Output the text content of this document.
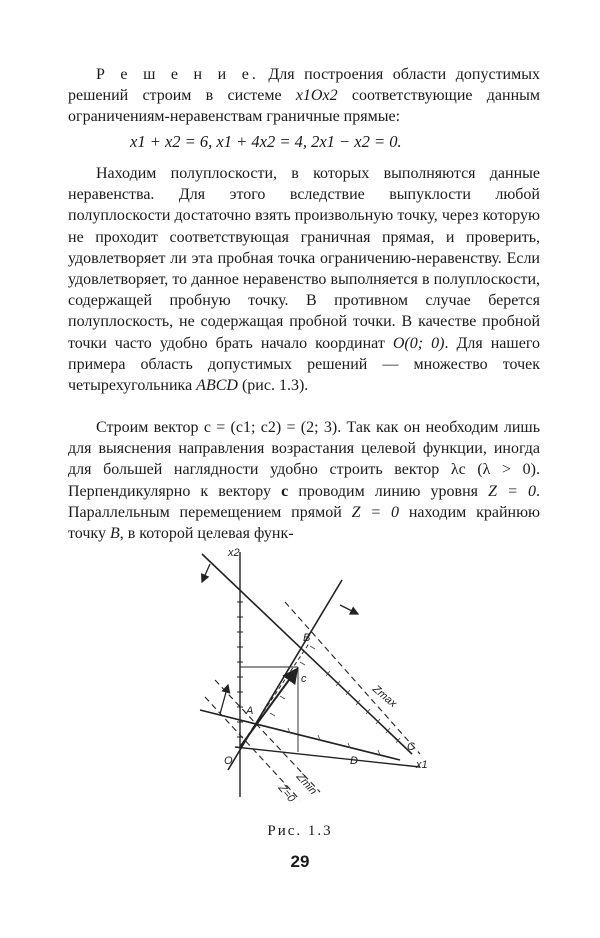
Р е ш е н и е. Для построения области допустимых решений строим в системе x1Ox2 соответствующие данным ограничениям-неравенствам граничные прямые:

x1 + x2 = 6, x1 + 4x2 = 4, 2x1 − x2 = 0.

Находим полуплоскости, в которых выполняются данные неравенства. Для этого вследствие выпуклости любой полуплоскости достаточно взять произвольную точку, через которую не проходит соответствующая граничная прямая, и проверить, удовлетворяет ли эта пробная точка ограничению-неравенству. Если удовлетворяет, то данное неравенство выполняется в полуплоскости, содержащей пробную точку. В противном случае берется полуплоскость, не содержащая пробной точки. В качестве пробной точки часто удобно брать начало координат O(0; 0). Для нашего примера область допустимых решений — множество точек четырехугольника ABCD (рис. 1.3).

Строим вектор c = (c1; c2) = (2; 3). Так как он необходим лишь для выяснения направления возрастания целевой функции, иногда для большей наглядности удобно строить вектор λc (λ > 0). Перпендикулярно к вектору c проводим линию уровня Z = 0. Параллельным перемещением прямой Z = 0 находим крайнюю точку B, в которой целевая функ-

x2
x1
O
A
B
C
D
c
Zmax
Zmin
Z=0
Рис. 1.3
29
